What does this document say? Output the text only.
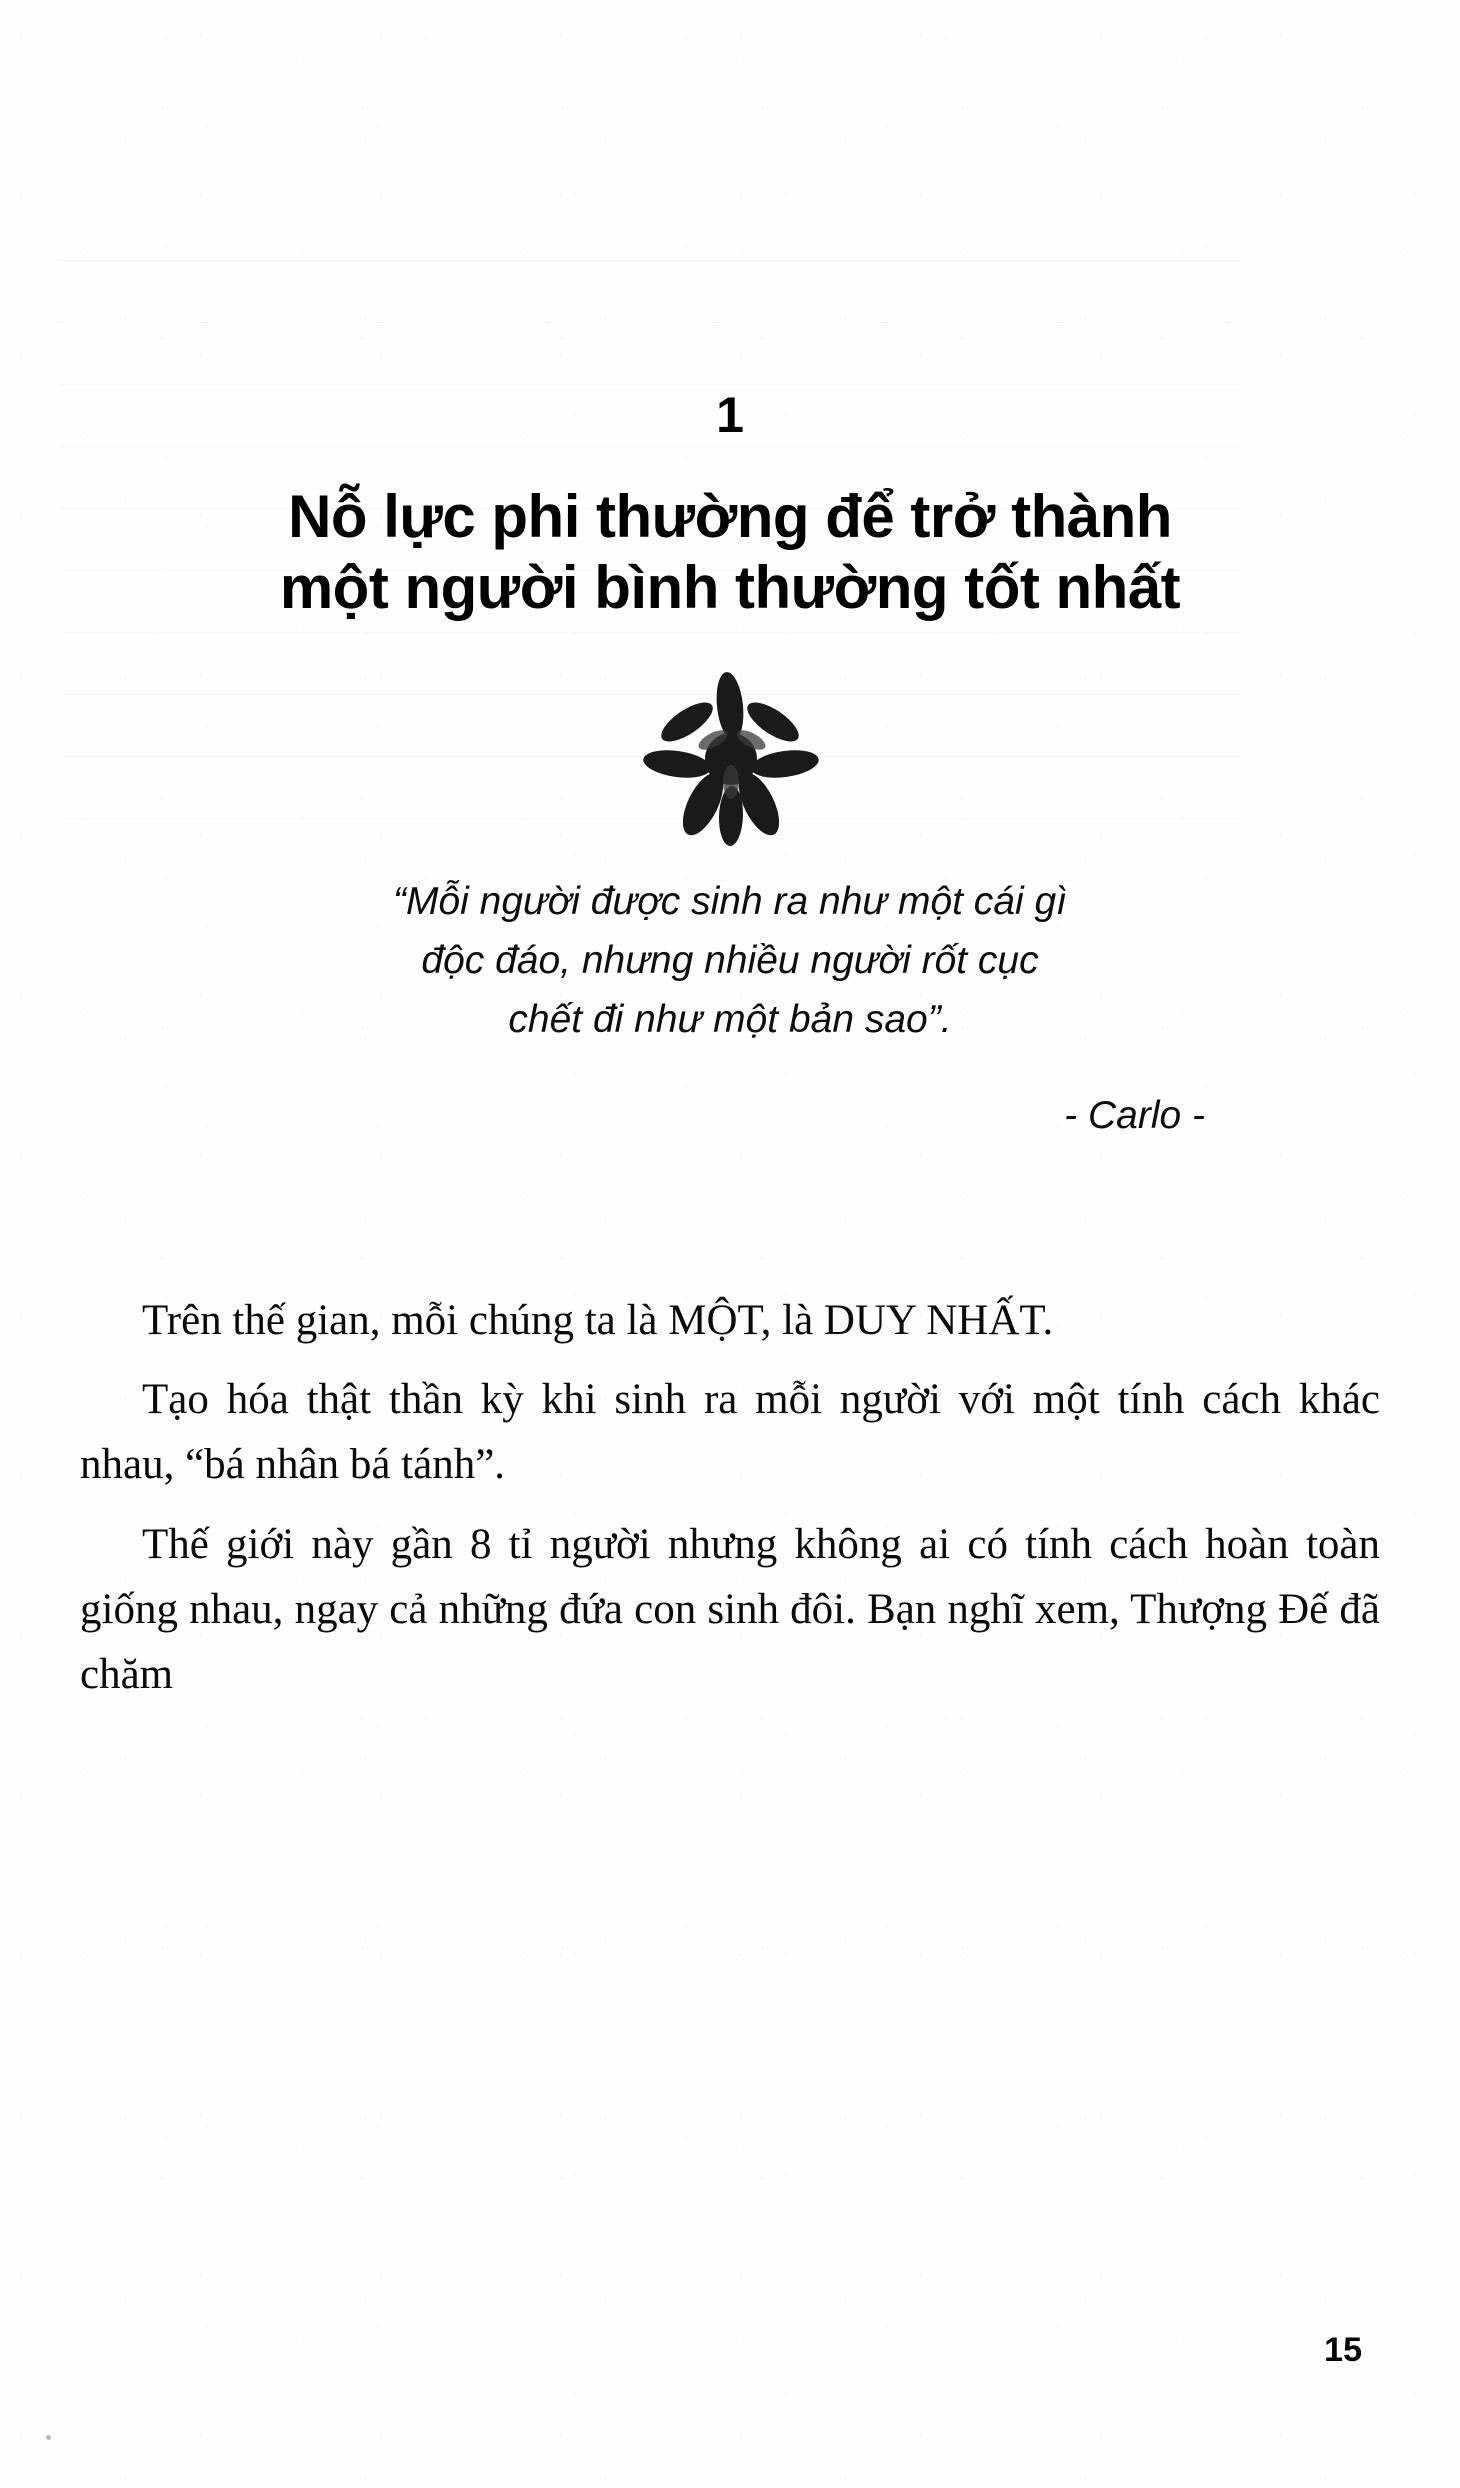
1
Nỗ lực phi thường để trở thành
một người bình thường tốt nhất
“Mỗi người được sinh ra như một cái gì
độc đáo, nhưng nhiều người rốt cục
chết đi như một bản sao”.
- Carlo -

Trên thế gian, mỗi chúng ta là MỘT, là DUY NHẤT.

Tạo hóa thật thần kỳ khi sinh ra mỗi người với một tính cách khác nhau, “bá nhân bá tánh”.

Thế giới này gần 8 tỉ người nhưng không ai có tính cách hoàn toàn giống nhau, ngay cả những đứa con sinh đôi. Bạn nghĩ xem, Thượng Đế đã chăm

15
